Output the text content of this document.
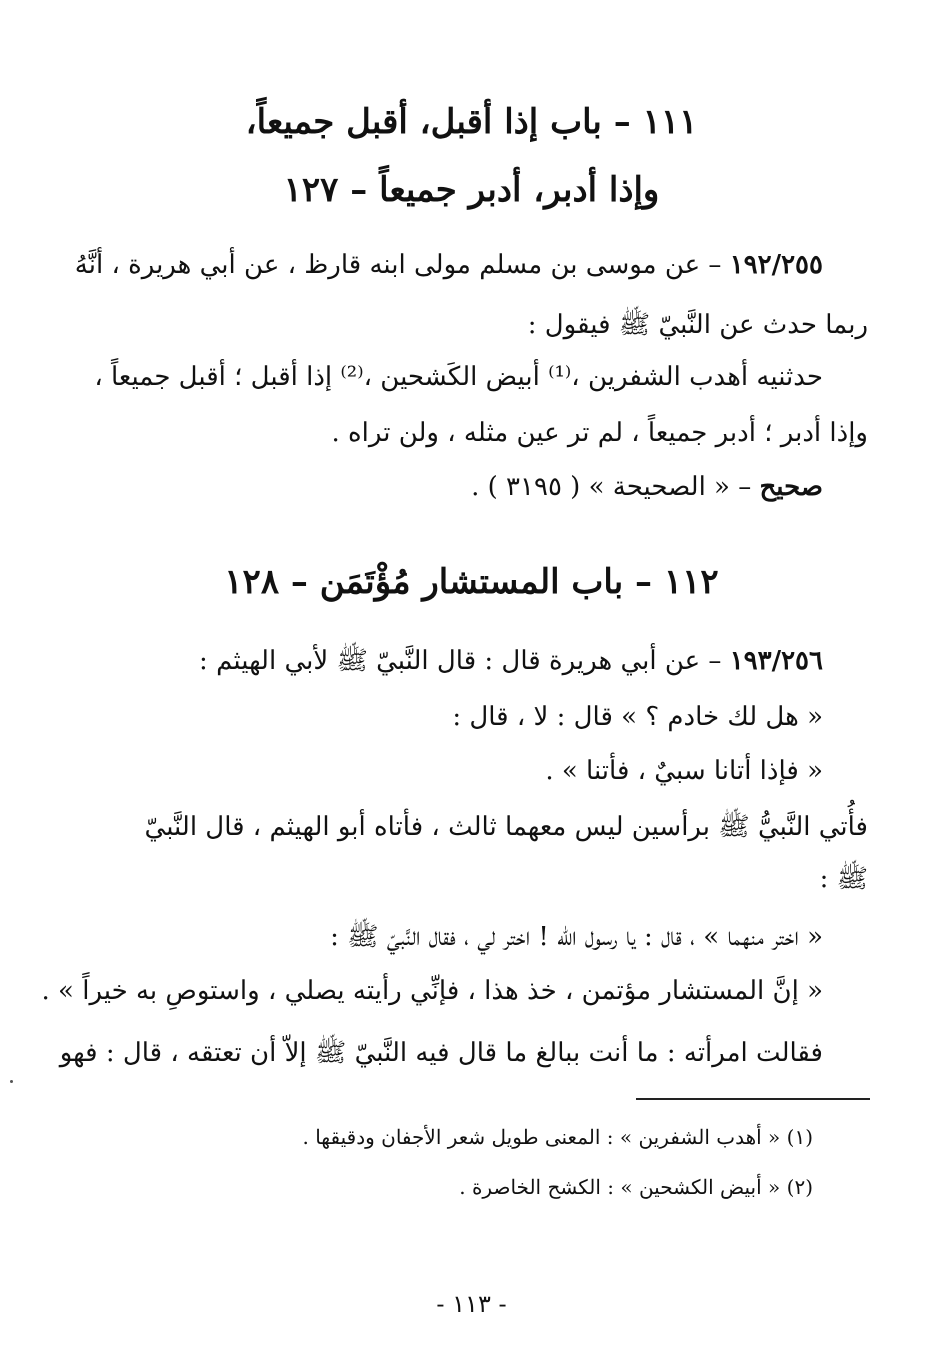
١١١ – باب إذا أقبل، أقبل جميعاً،
وإذا أدبر، أدبر جميعاً – ١٢٧
١٩٢/٢٥٥ – عن موسى بن مسلم مولى ابنه قارظ ، عن أبي هريرة ، أنَّهُ
ربما حدث عن النَّبيّ ﷺ فيقول :
حدثنيه أهدب الشفرين ،⁽¹⁾ أبيض الكَشحين ،⁽²⁾ إذا أقبل ؛ أقبل جميعاً ،
وإذا أدبر ؛ أدبر جميعاً ، لم تر عين مثله ، ولن تراه .
صحيح – « الصحيحة » ( ٣١٩٥ ) .
١١٢ – باب المستشار مُؤْتَمَن – ١٢٨
١٩٣/٢٥٦ – عن أبي هريرة قال : قال النَّبيّ ﷺ لأبي الهيثم :
« هل لك خادم ؟ » قال : لا ، قال :
« فإذا أتانا سبيٌ ، فأتنا » .
فأُتي النَّبيُّ ﷺ برأسين ليس معهما ثالث ، فأتاه أبو الهيثم ، قال النَّبيّ
ﷺ :
« اختر منهما » ، قال : يا رسول الله ! اختر لي ، فقال النَّبيّ ﷺ :
« إنَّ المستشار مؤتمن ، خذ هذا ، فإنِّي رأيته يصلي ، واستوصِ به خيراً » .
فقالت امرأته : ما أنت ببالغ ما قال فيه النَّبيّ ﷺ إلاّ أن تعتقه ، قال : فهو
(١) « أهدب الشفرين » : المعنى طويل شعر الأجفان ودقيقها .
(٢) « أبيض الكشحين » : الكشح الخاصرة .
- ١١٣ -
